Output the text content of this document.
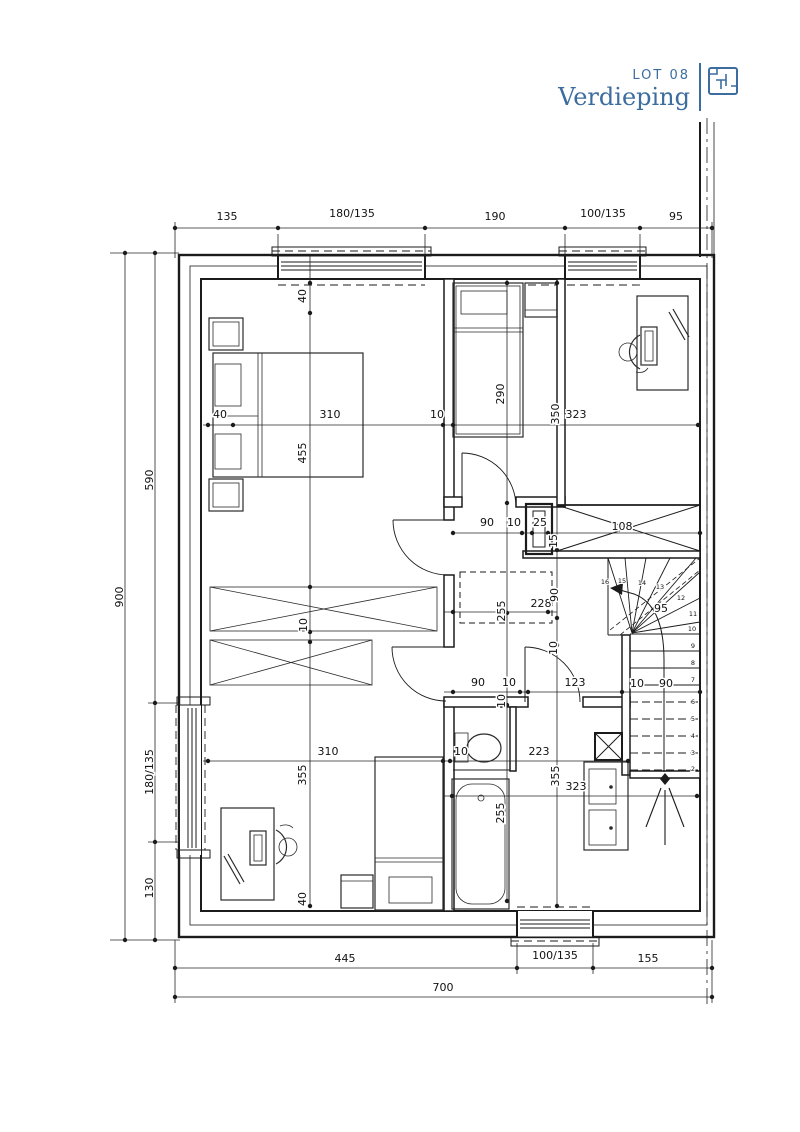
LOT 08
Verdieping
135	180/135	190	100/135	95
900
590
180/135
130
445	100/135	155
700
40
40	310	10
455
10
290
90 10 25
15
350 323
108
255 228
90
90 10	123
10
10
10 90
95
10	223
355 323
255
310
355
40
2
3
4
5
6
7
8
9
10
11
12
13
14
15
16
